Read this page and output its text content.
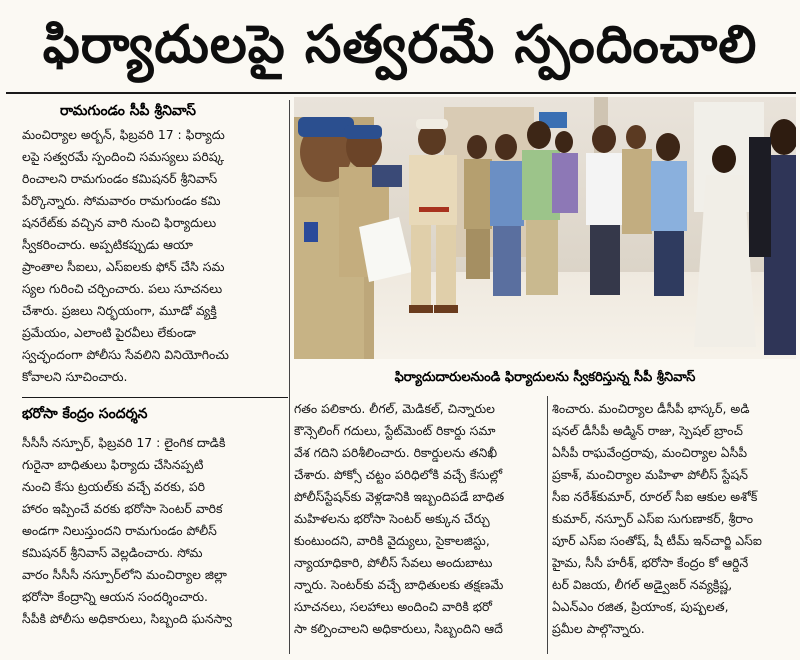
ఫిర్యాదులపై సత్వరమే స్పందించాలి
రామగుండం సీపీ శ్రీనివాస్

మంచిర్యాల అర్బన్, ఫిబ్రవరి 17 : ఫిర్యాదు

లపై సత్వరమే స్పందించి సమస్యలు పరిష్క

రించాలని రామగుండం కమిషనర్ శ్రీనివాస్

పేర్కొన్నారు. సోమవారం రామగుండం కమి

షనరేట్‌కు వచ్చిన వారి నుంచి ఫిర్యాదులు

స్వీకరించారు. అప్పటికప్పుడు ఆయా

ప్రాంతాల సీఐలు, ఎస్ఐలకు ఫోన్ చేసి సమ

స్యల గురించి చర్చించారు. పలు సూచనలు

చేశారు. ప్రజలు నిర్భయంగా, మూడో వ్యక్తి

ప్రమేయం, ఎలాంటి పైరవీలు లేకుండా

స్వచ్ఛందంగా పోలీసు సేవలిని వినియోగించు

కోవాలని సూచించారు.	ఫిర్యాదుదారులనుండి ఫిర్యాదులను స్వీకరిస్తున్న సీపీ శ్రీనివాస్
భరోసా కేంద్రం సందర్శన

సీసీసీ నస్పూర్, ఫిబ్రవరి 17 : లైంగిక దాడికి

గురైనా బాధితులు ఫిర్యాదు చేసినప్పటి

నుంచి కేసు ట్రయల్‌కు వచ్చే వరకు, పరి

హారం ఇప్పించే వరకు భరోసా సెంటర్ వారిక

అండగా నిలుస్తుందని రామగుండం పోలీస్

కమిషనర్ శ్రీనివాస్ వెల్లడించారు. సోమ

వారం సీసీసీ నస్పూర్‌లోని మంచిర్యాల జిల్లా

భరోసా కేంద్రాన్ని ఆయన సందర్శించారు.

సీపీకి పోలీసు అధికారులు, సిబ్బంది ఘనస్వా

గతం పలికారు. లీగల్, మెడికల్, చిన్నారుల

కౌన్సెలింగ్ గదులు, స్టేట్‌మెంట్ రికార్డు సమా

వేశ గదిని పరిశీలించారు. రికార్డులను తనిఖీ

చేశారు. పోక్సో చట్టం పరిధిలోకి వచ్చే కేసుల్లో

పోలీస్‌స్టేషన్‌కు వెళ్లడానికి ఇబ్బందిపడే బాధిత

మహిళలను భరోసా సెంటర్ అక్కున చేర్చు

కుంటుందని, వారికి వైద్యులు, సైకాలజిస్టు,

న్యాయాధికారి, పోలీస్ సేవలు అందుబాటు

న్నారు. సెంటర్‌కు వచ్చే బాధితులకు తక్షణమే

సూచనలు, సలహాలు అందించి వారికి భరో

సా కల్పించాలని అధికారులు, సిబ్బందిని ఆదే

శించారు. మంచిర్యాల డీసీపీ భాస్కర్, అడి

షనల్ డీసీపీ అడ్మిన్ రాజు, స్పెషల్ బ్రాంచ్

ఏసీపీ రాఘవేంద్రరావు, మంచిర్యాల ఏసీపీ

ప్రకాశ్, మంచిర్యాల మహిళా పోలీస్ స్టేషన్

సీఐ నరేశ్‌కుమార్, రూరల్ సీఐ ఆకుల అశోక్

కుమార్, నస్పూర్ ఎస్ఐ సుగుణాకర్, శ్రీరాం

పూర్ ఎస్ఐ సంతోష్, షీ టీమ్ ఇన్‌చార్జి ఎస్ఐ

హైమ, సీసీ హరీశ్, భరోసా కేంద్రం కో ఆర్డినే

టర్ విజయ, లీగల్ అడ్వైజర్ నవ్యక్రిష్ణ,

ఏఎన్ఎం రజిత, ప్రియాంక, పుష్పలత,

ప్రమీల పాల్గొన్నారు.
